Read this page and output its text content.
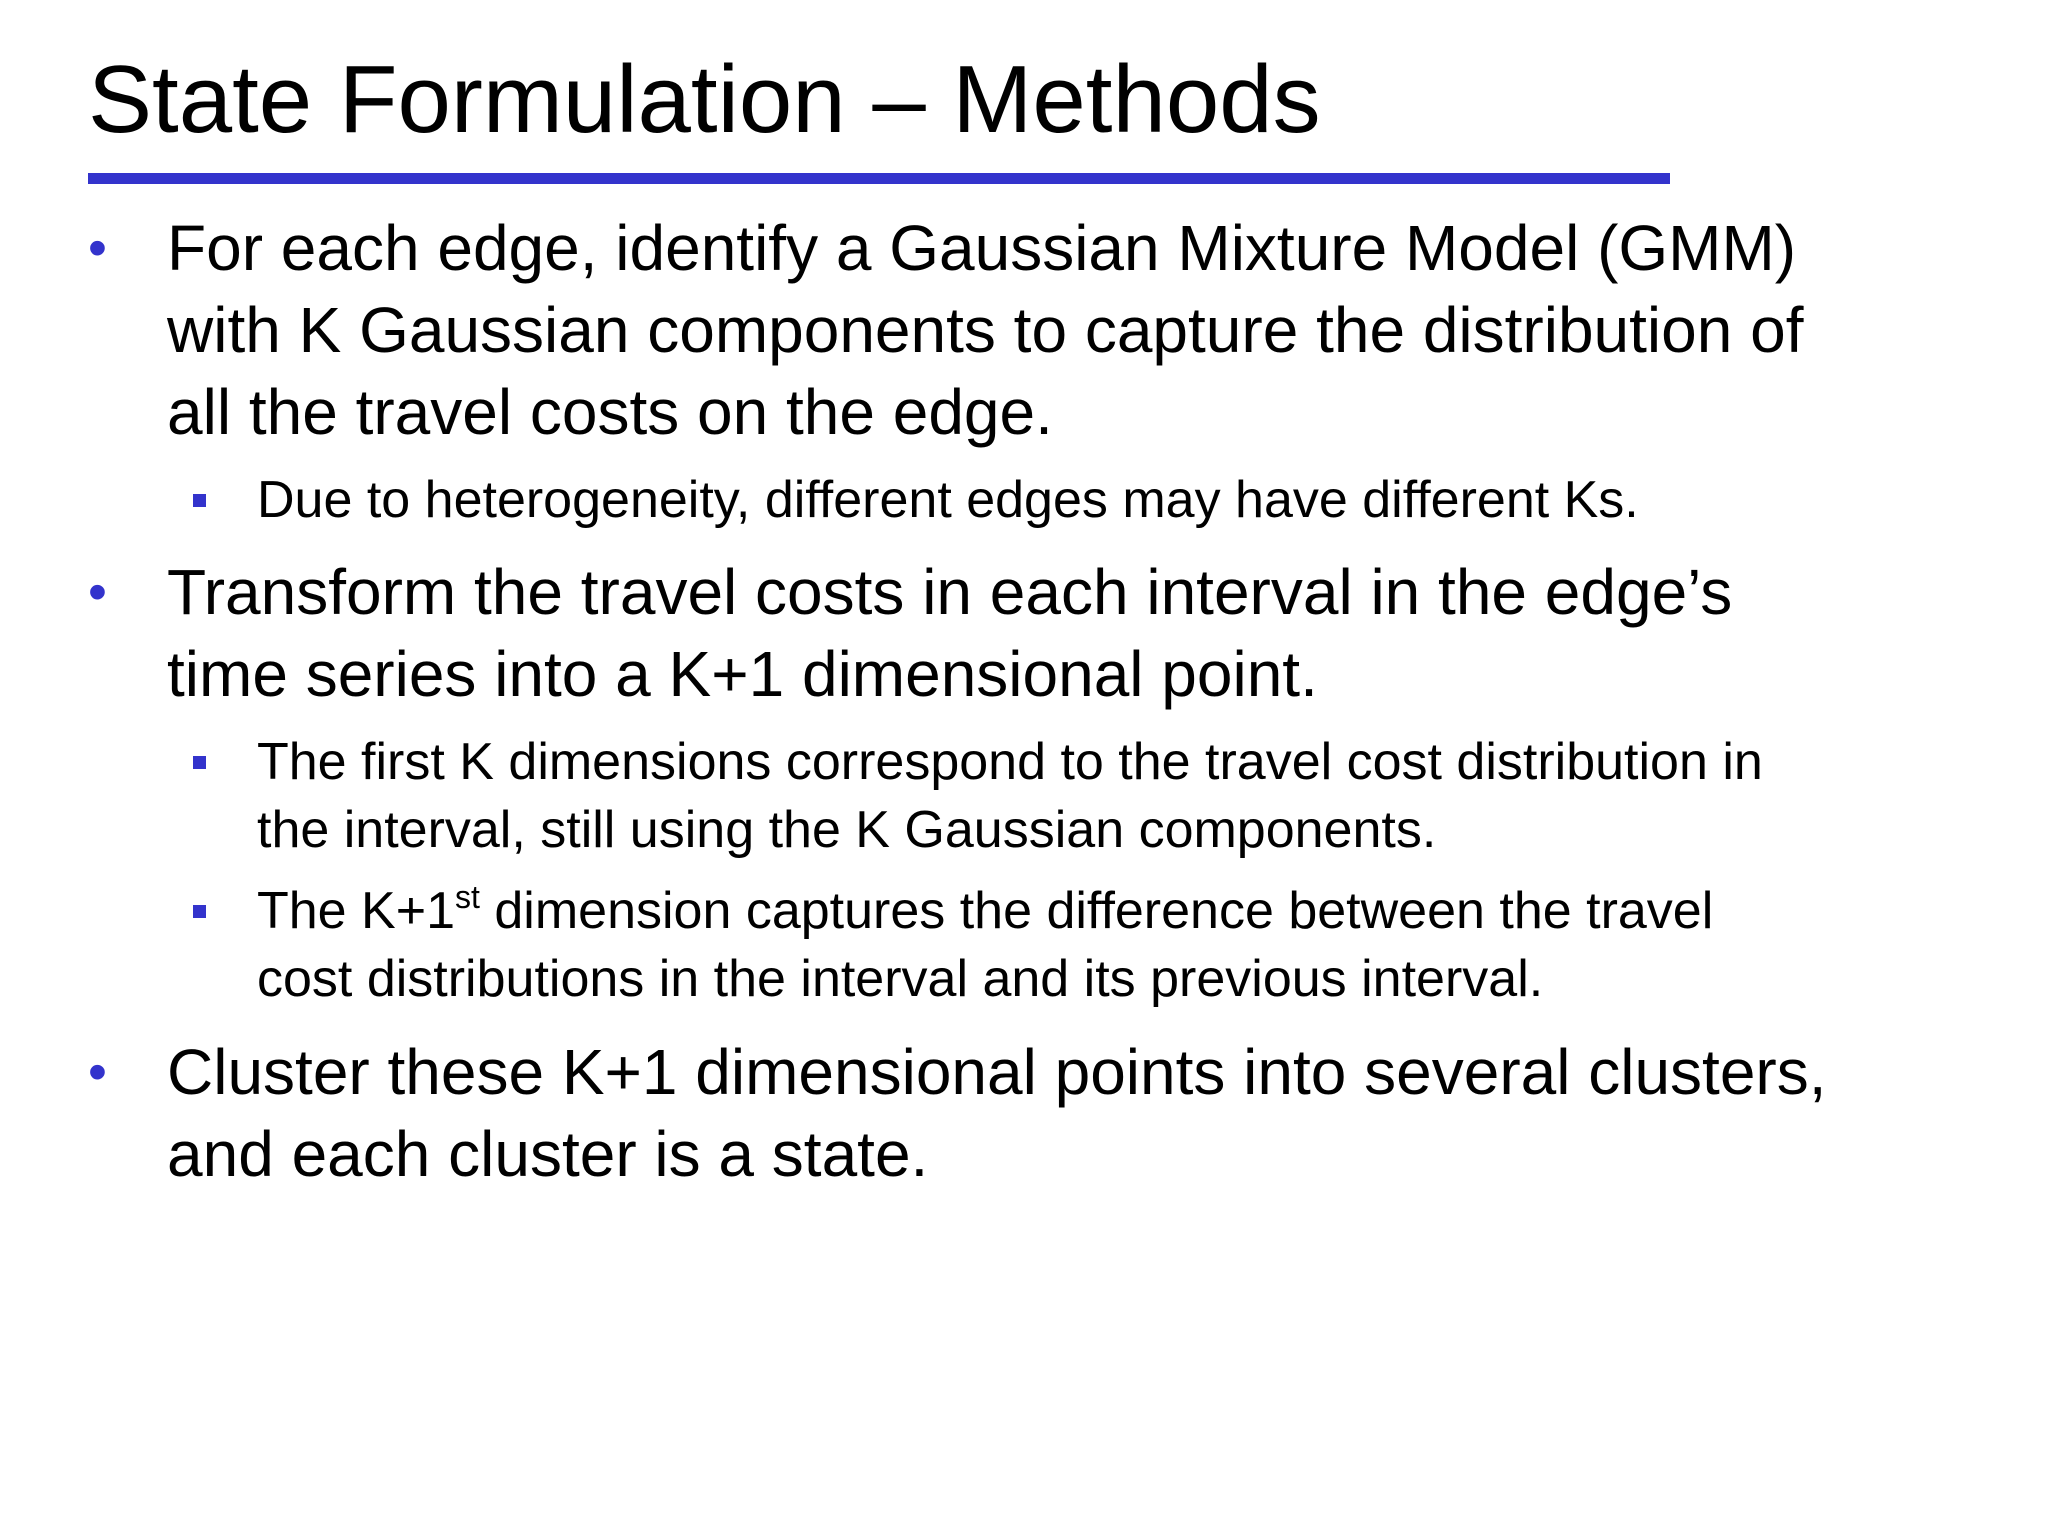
State Formulation – Methods
• For each edge, identify a Gaussian Mixture Model (GMM)
with K Gaussian components to capture the distribution of
all the travel costs on the edge.
Due to heterogeneity, different edges may have different Ks.
• Transform the travel costs in each interval in the edge’s
time series into a K+1 dimensional point.
The first K dimensions correspond to the travel cost distribution in
the interval, still using the K Gaussian components.
The K+1st dimension captures the difference between the travel
cost distributions in the interval and its previous interval.
• Cluster these K+1 dimensional points into several clusters,
and each cluster is a state.
